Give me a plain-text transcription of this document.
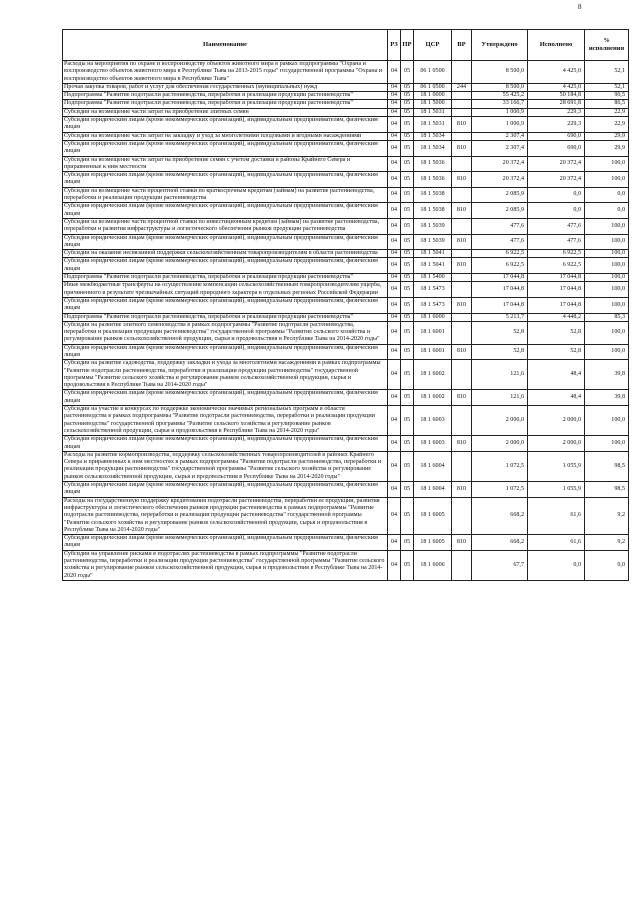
8
Наименование	РЗ	ПР	ЦСР	ВР	Утверждено	Исполнено	% исполнения
Расходы на мероприятия по охране и воспроизводству объектов животного мира в рамках подпрограммы "Охрана и воспроизводство объектов животного мира в Республике Тыва на 2013-2015 годы" государственной программы "Охрана и воспроизводство объектов животного мира в Республике Тыва"	04	05	06 1 0500		8 500,0	4 425,0	52,1
Прочая закупка товаров, работ и услуг для обеспечения государственных (муниципальных) нужд	04	05	06 1 0500	244	8 500,0	4 425,0	52,1
Подпрограмма "Развитие подотрасли растениеводства, переработки и реализации продукции растениеводства"	04	05	18 1 0000		55 425,2	50 184,8	90,5
Подпрограмма "Развитие подотрасли растениеводства, переработки и реализации продукции растениеводства"	04	05	18 1 5000		33 166,7	28 691,8	86,5
Субсидии на возмещение части затрат на приобретение элитных семян	04	05	18 1 5031		1 000,9	229,3	22,9
Субсидии юридическим лицам (кроме некоммерческих организаций), индивидуальным предпринимателям, физическим лицам	04	05	18 1 5031	810	1 000,9	229,3	22,9
Субсидии на возмещение части затрат на закладку и уход за многолетними плодовыми и ягодными насаждениями	04	05	18 1 5034		2 307,4	690,0	29,9
Субсидии юридическим лицам (кроме некоммерческих организаций), индивидуальным предпринимателям, физическим лицам	04	05	18 1 5034	810	2 307,4	690,0	29,9
Субсидии на возмещение части затрат на приобретение семян с учетом доставки в районы Крайнего Севера и приравненные к ним местности	04	05	18 1 5036		20 372,4	20 372,4	100,0
Субсидии юридическим лицам (кроме некоммерческих организаций), индивидуальным предпринимателям, физическим лицам	04	05	18 1 5036	810	20 372,4	20 372,4	100,0
Субсидии на возмещение части процентной ставки по краткосрочным кредитам (займам) на развитие растениеводства, переработки и реализации продукции растениеводства	04	05	18 1 5038		2 085,9	0,0	0,0
Субсидии юридическим лицам (кроме некоммерческих организаций), индивидуальным предпринимателям, физическим лицам	04	05	18 1 5038	810	2 085,9	0,0	0,0
Субсидии на возмещение части процентной ставки по инвестиционным кредитам (займам) на развитие растениеводства, переработки и развития инфраструктуры и логистического обеспечения рынков продукции растениеводства	04	05	18 1 5039		477,6	477,6	100,0
Субсидии юридическим лицам (кроме некоммерческих организаций), индивидуальным предпринимателям, физическим лицам	04	05	18 1 5039	810	477,6	477,6	100,0
Субсидии на оказание несвязанной поддержки сельскохозяйственным товаропроизводителям в области растениеводства	04	05	18 1 5041		6 922,5	6 922,5	100,0
Субсидии юридическим лицам (кроме некоммерческих организаций), индивидуальным предпринимателям, физическим лицам	04	05	18 1 5041	810	6 922,5	6 922,5	100,0
Подпрограмма "Развитие подотрасли растениеводства, переработки и реализации продукции растениеводства"	04	05	18 1 5400		17 044,8	17 044,8	100,0
Иные межбюджетные трансферты на осуществление компенсации сельскохозяйственным товаропроизводителям ущерба, причиненного в результате чрезвычайных ситуаций природного характера в отдельных регионах Российской Федерации	04	05	18 1 5473		17 044,8	17 044,8	100,0
Субсидии юридическим лицам (кроме некоммерческих организаций), индивидуальным предпринимателям, физическим лицам	04	05	18 1 5473	810	17 044,8	17 044,8	100,0
Подпрограмма "Развитие подотрасли растениеводства, переработки и реализации продукции растениеводства"	04	05	18 1 6000		5 213,7	4 448,2	85,3
Субсидии на развитие элитного семеноводства в рамках подпрограммы "Развитие подотрасли растениеводства, переработки и реализации продукции растениеводства" государственной программы "Развитие сельского хозяйства и регулирование рынков сельскохозяйственной продукции, сырья и продовольствия в Республике Тыва на 2014-2020 годы"	04	05	18 1 6001		52,8	52,8	100,0
Субсидии юридическим лицам (кроме некоммерческих организаций), индивидуальным предпринимателям, физическим лицам	04	05	18 1 6001	810	52,8	52,8	100,0
Субсидии на развитие садоводства, поддержку закладки и ухода за многолетними насаждениями в рамках подпрограммы "Развитие подотрасли растениеводства, переработки и реализации продукции растениеводства" государственной программы "Развитие сельского хозяйства и регулирование рынков сельскохозяйственной продукции, сырья и продовольствия в Республике Тыва на 2014-2020 годы"	04	05	18 1 6002		121,6	48,4	39,8
Субсидии юридическим лицам (кроме некоммерческих организаций), индивидуальным предпринимателям, физическим лицам	04	05	18 1 6002	810	121,6	48,4	39,8
Субсидии на участие в конкурсах по поддержке экономически значимых региональных программ в области растениеводства в рамках подпрограммы "Развитие подотрасли растениеводства, переработки и реализации продукции растениеводства" государственной программы "Развитие сельского хозяйства и регулирование рынков сельскохозяйственной продукции, сырья и продовольствия в Республике Тыва на 2014-2020 годы"	04	05	18 1 6003		2 000,0	2 000,0	100,0
Субсидии юридическим лицам (кроме некоммерческих организаций), индивидуальным предпринимателям, физическим лицам	04	05	18 1 6003	810	2 000,0	2 000,0	100,0
Расходы на развитие кормопроизводства, поддержку сельскохозяйственных товаропроизводителей в районах Крайнего Севера и приравненных к ним местностях в рамках подпрограммы "Развитие подотрасли растениеводства, переработки и реализации продукции растениеводства" государственной программы "Развитие сельского хозяйства и регулирование рынков сельскохозяйственной продукции, сырья и продовольствия в Республике Тыва на 2014-2020 годы"	04	05	18 1 6004		1 072,5	1 055,9	98,5
Субсидии юридическим лицам (кроме некоммерческих организаций), индивидуальным предпринимателям, физическим лицам	04	05	18 1 6004	810	1 072,5	1 055,9	98,5
Расходы на государственную поддержку кредитования подотрасли растениеводства, переработки ее продукции, развития инфраструктуры и логистического обеспечения рынков продукции растениеводства в рамках подпрограммы "Развитие подотрасли растениеводства, переработки и реализации продукции растениеводства" государственной программы "Развитие сельского хозяйства и регулирование рынков сельскохозяйственной продукции, сырья и продовольствия в Республике Тыва на 2014-2020 годы"	04	05	18 1 6005		668,2	61,6	9,2
Субсидии юридическим лицам (кроме некоммерческих организаций), индивидуальным предпринимателям, физическим лицам	04	05	18 1 6005	810	668,2	61,6	9,2
Субсидии на управление рисками в подотраслях растениеводства в рамках подпрограммы "Развитие подотрасли растениеводства, переработки и реализации продукции растениеводства" государственной программы "Развитие сельского хозяйства и регулирование рынков сельскохозяйственной продукции, сырья и продовольствия в Республике Тыва на 2014-2020 годы"	04	05	18 1 6006		67,7	0,0	0,0
